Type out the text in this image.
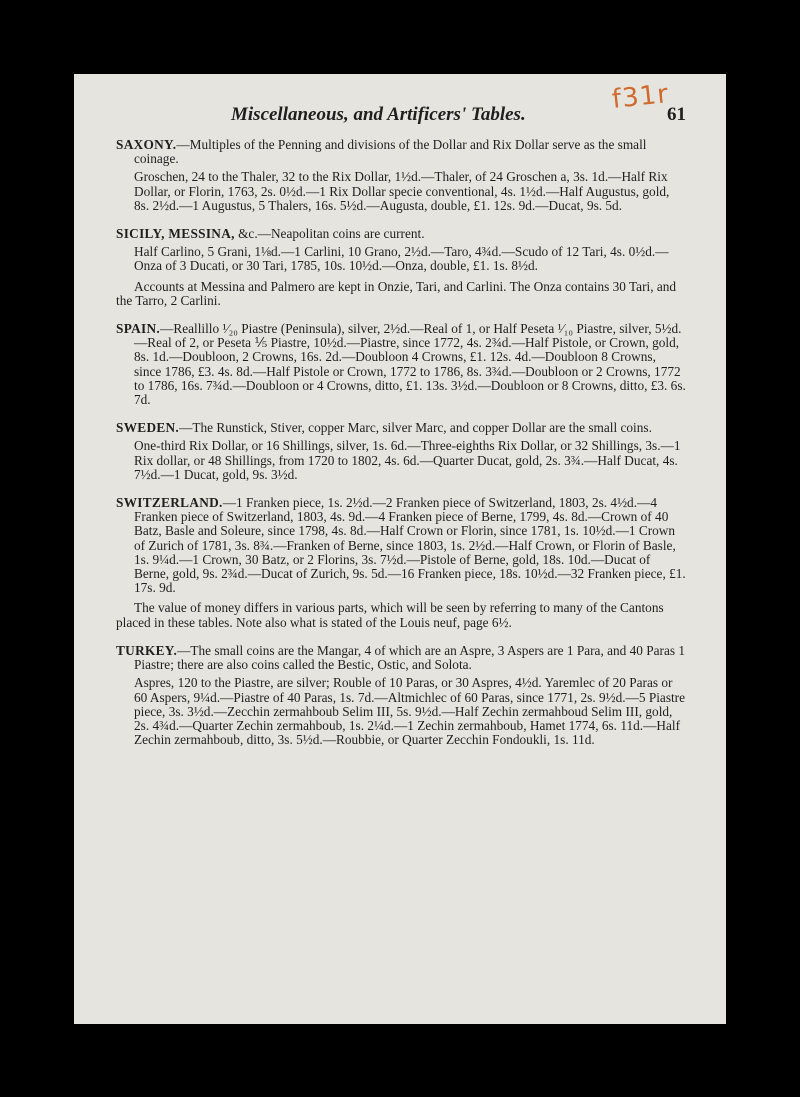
f31r
Miscellaneous, and Artificers' Tables.	61
SAXONY.—Multiples of the Penning and divisions of the Dollar and Rix Dollar serve as the small coinage.
Groschen, 24 to the Thaler, 32 to the Rix Dollar, 1½d.—Thaler, of 24 Groschen a, 3s. 1d.—Half Rix Dollar, or Florin, 1763, 2s. 0½d.—1 Rix Dollar specie conventional, 4s. 1½d.—Half Augustus, gold, 8s. 2½d.—1 Augustus, 5 Thalers, 16s. 5½d.—Augusta, double, £1. 12s. 9d.—Ducat, 9s. 5d.
SICILY, MESSINA, &c.—Neapolitan coins are current.
Half Carlino, 5 Grani, 1⅛d.—1 Carlini, 10 Grano, 2½d.—Taro, 4¾d.—Scudo of 12 Tari, 4s. 0½d.—Onza of 3 Ducati, or 30 Tari, 1785, 10s. 10½d.—Onza, double, £1. 1s. 8½d.
Accounts at Messina and Palmero are kept in Onzie, Tari, and Carlini. The Onza contains 30 Tari, and the Tarro, 2 Carlini.
SPAIN.—Reallillo ¹⁄₂₀ Piastre (Peninsula), silver, 2½d.—Real of 1, or Half Peseta ¹⁄₁₀ Piastre, silver, 5½d.—Real of 2, or Peseta ⅕ Piastre, 10½d.—Piastre, since 1772, 4s. 2¾d.—Half Pistole, or Crown, gold, 8s. 1d.—Doubloon, 2 Crowns, 16s. 2d.—Doubloon 4 Crowns, £1. 12s. 4d.—Doubloon 8 Crowns, since 1786, £3. 4s. 8d.—Half Pistole or Crown, 1772 to 1786, 8s. 3¾d.—Doubloon or 2 Crowns, 1772 to 1786, 16s. 7¾d.—Doubloon or 4 Crowns, ditto, £1. 13s. 3½d.—Doubloon or 8 Crowns, ditto, £3. 6s. 7d.
SWEDEN.—The Runstick, Stiver, copper Marc, silver Marc, and copper Dollar are the small coins.
One-third Rix Dollar, or 16 Shillings, silver, 1s. 6d.—Three-eighths Rix Dollar, or 32 Shillings, 3s.—1 Rix dollar, or 48 Shillings, from 1720 to 1802, 4s. 6d.—Quarter Ducat, gold, 2s. 3¾.—Half Ducat, 4s. 7½d.—1 Ducat, gold, 9s. 3½d.
SWITZERLAND.—1 Franken piece, 1s. 2½d.—2 Franken piece of Switzerland, 1803, 2s. 4½d.—4 Franken piece of Switzerland, 1803, 4s. 9d.—4 Franken piece of Berne, 1799, 4s. 8d.—Crown of 40 Batz, Basle and Soleure, since 1798, 4s. 8d.—Half Crown or Florin, since 1781, 1s. 10½d.—1 Crown of Zurich of 1781, 3s. 8¾.—Franken of Berne, since 1803, 1s. 2½d.—Half Crown, or Florin of Basle, 1s. 9¼d.—1 Crown, 30 Batz, or 2 Florins, 3s. 7½d.—Pistole of Berne, gold, 18s. 10d.—Ducat of Berne, gold, 9s. 2¾d.—Ducat of Zurich, 9s. 5d.—16 Franken piece, 18s. 10½d.—32 Franken piece, £1. 17s. 9d.
The value of money differs in various parts, which will be seen by referring to many of the Cantons placed in these tables. Note also what is stated of the Louis neuf, page 6½.
TURKEY.—The small coins are the Mangar, 4 of which are an Aspre, 3 Aspers are 1 Para, and 40 Paras 1 Piastre; there are also coins called the Bestic, Ostic, and Solota.
Aspres, 120 to the Piastre, are silver; Rouble of 10 Paras, or 30 Aspres, 4½d. Yaremlec of 20 Paras or 60 Aspers, 9¼d.—Piastre of 40 Paras, 1s. 7d.—Altmichlec of 60 Paras, since 1771, 2s. 9½d.—5 Piastre piece, 3s. 3½d.—Zecchin zermahboub Selim III, 5s. 9½d.—Half Zechin zermahboud Selim III, gold, 2s. 4¾d.—Quarter Zechin zermahboub, 1s. 2¼d.—1 Zechin zermahboub, Hamet 1774, 6s. 11d.—Half Zechin zermahboub, ditto, 3s. 5½d.—Roubbie, or Quarter Zecchin Fondoukli, 1s. 11d.
